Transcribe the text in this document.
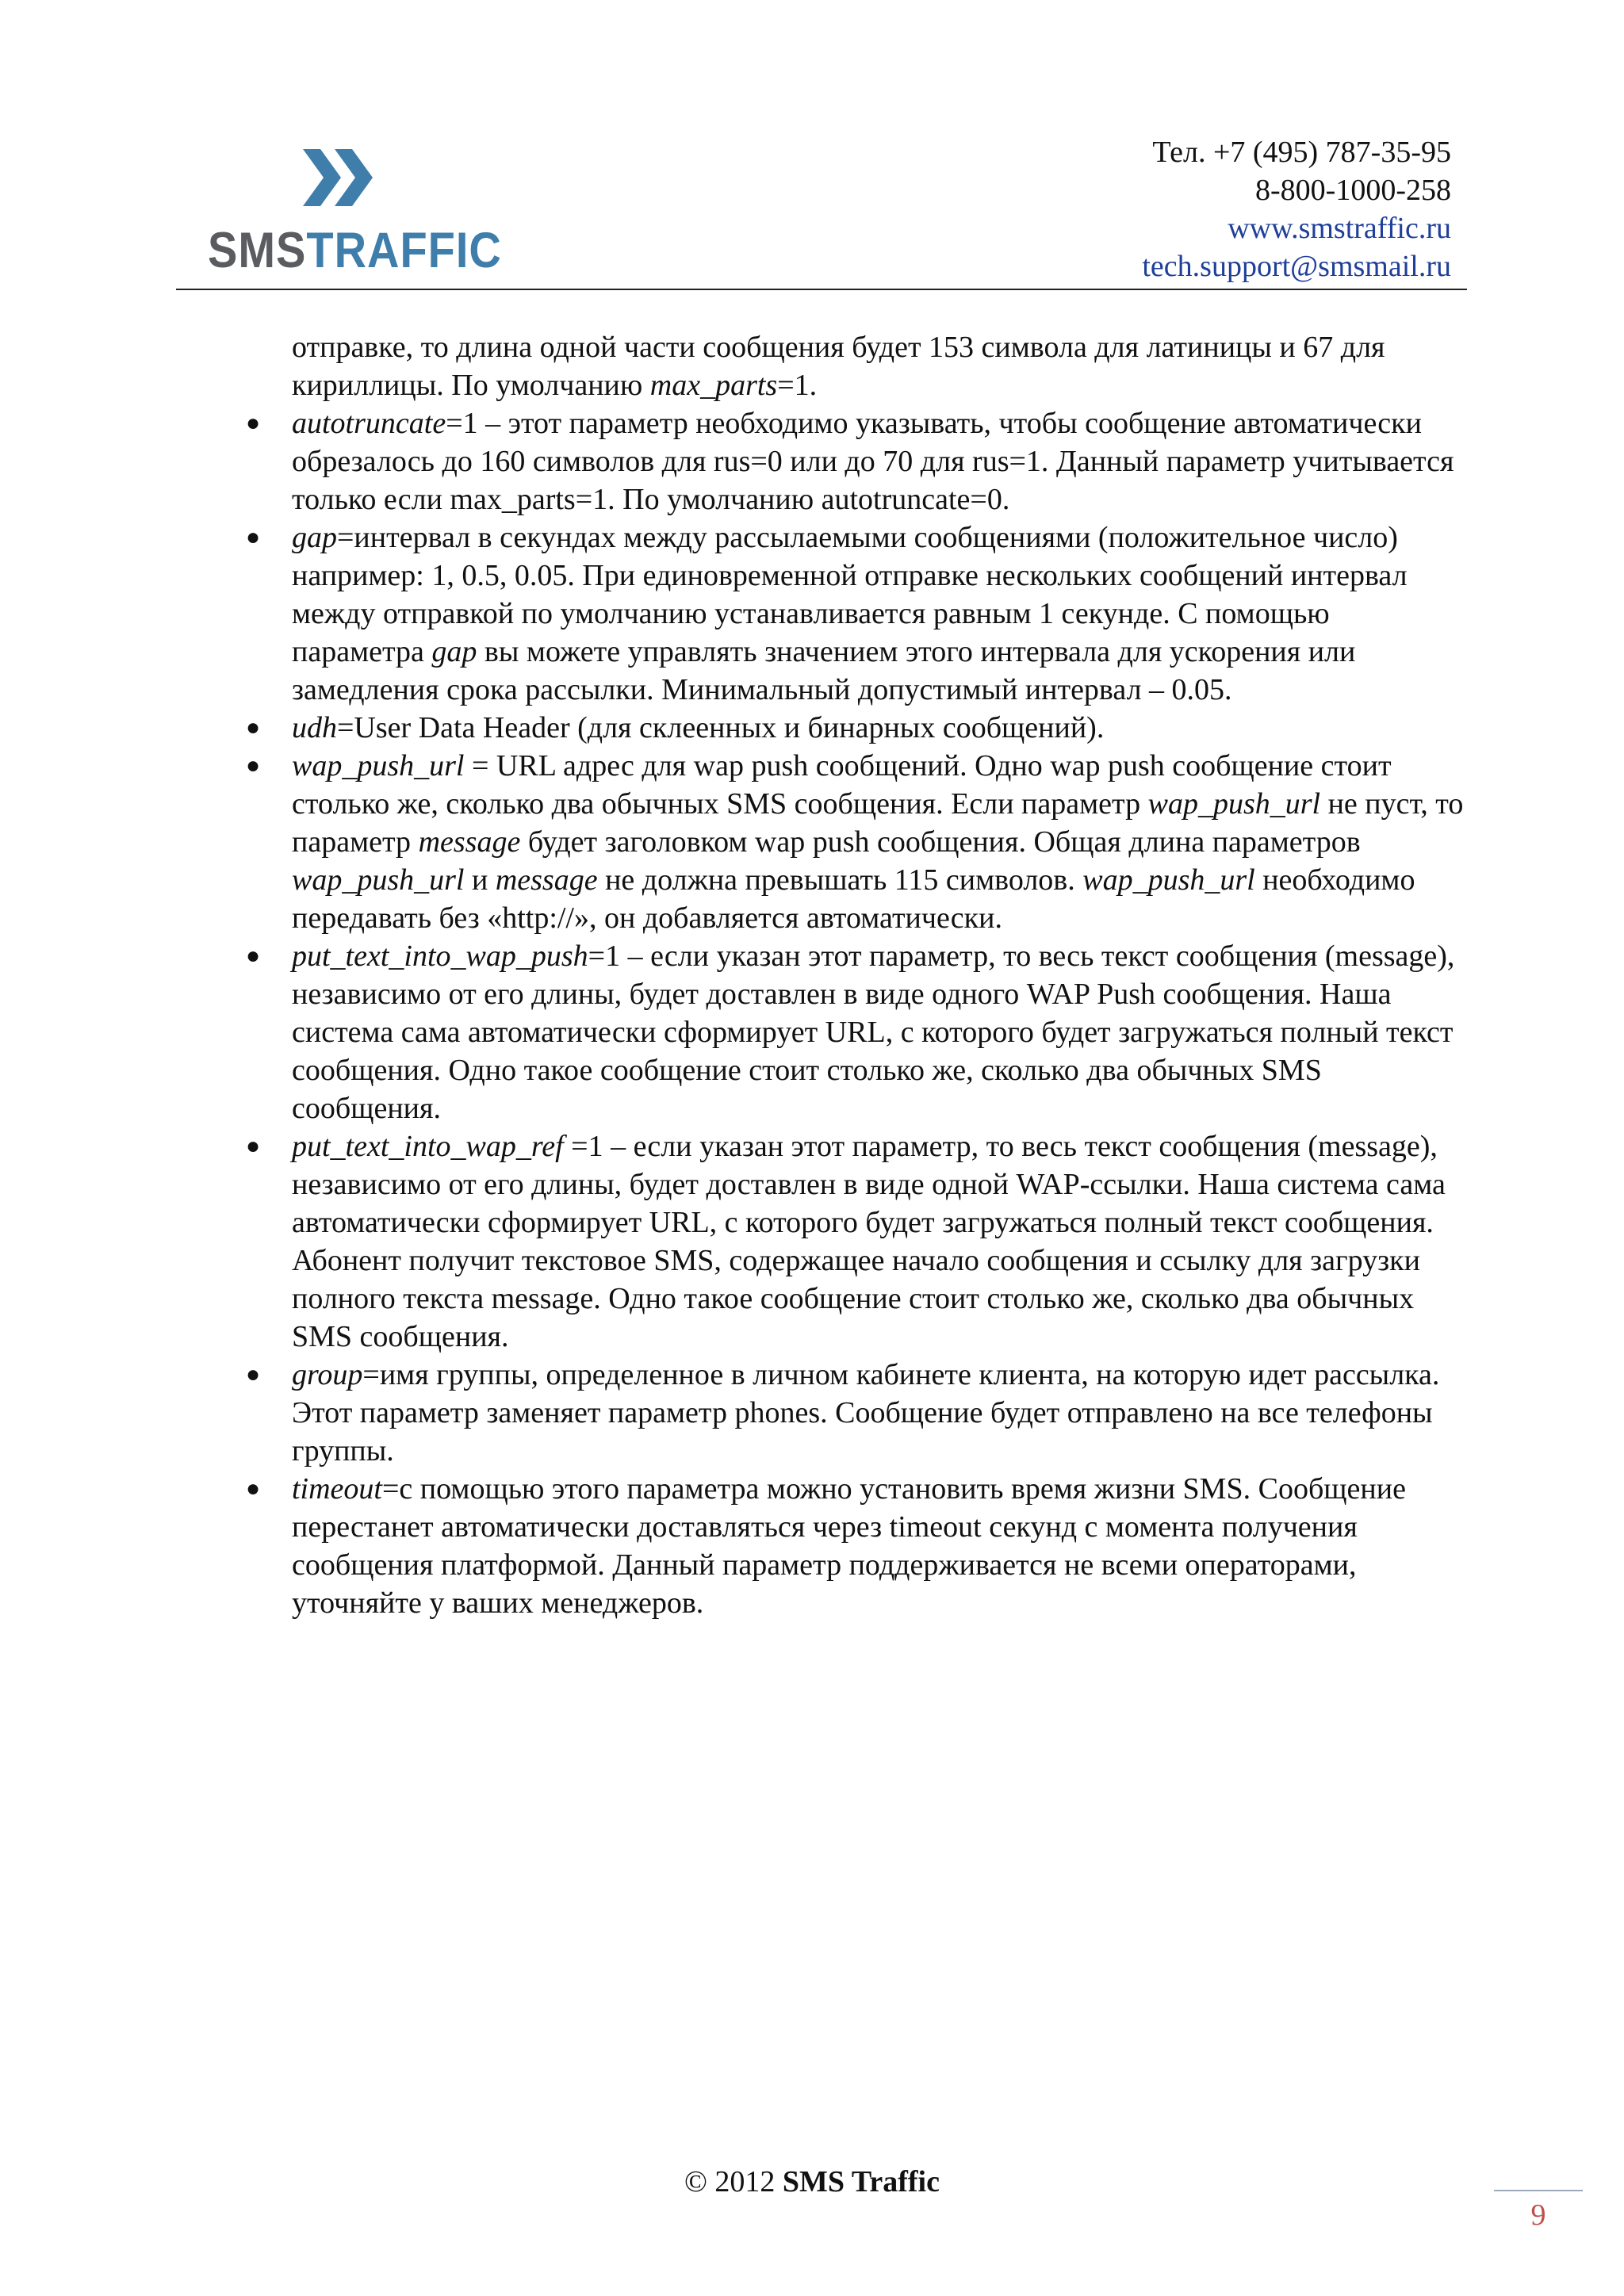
SMSTRAFFIC
Тел. +7 (495) 787-35-95
8-800-1000-258
www.smstraffic.ru
tech.support@smsmail.ru

отправке, то длина одной части сообщения будет 153 символа для латиницы и 67 для кириллицы. По умолчанию max_parts=1.

● autotruncate=1 – этот параметр необходимо указывать, чтобы сообщение автоматически обрезалось до 160 символов для rus=0 или до 70 для rus=1. Данный параметр учитывается только если max_parts=1. По умолчанию autotruncate=0.
● gap=интервал в секундах между рассылаемыми сообщениями (положительное число) например: 1, 0.5, 0.05. При единовременной отправке нескольких сообщений интервал между отправкой по умолчанию устанавливается равным 1 секунде. С помощью параметра gap вы можете управлять значением этого интервала для ускорения или замедления срока рассылки. Минимальный допустимый интервал – 0.05.
● udh=User Data Header (для склеенных и бинарных сообщений).
● wap_push_url = URL адрес для wap push сообщений. Одно wap push сообщение стоит столько же, сколько два обычных SMS сообщения. Если параметр wap_push_url не пуст, то параметр message будет заголовком wap push сообщения. Общая длина параметров wap_push_url и message не должна превышать 115 символов. wap_push_url необходимо передавать без «http://», он добавляется автоматически.
● put_text_into_wap_push=1 – если указан этот параметр, то весь текст сообщения (message), независимо от его длины, будет доставлен в виде одного WAP Push сообщения. Наша система сама автоматически сформирует URL, с которого будет загружаться полный текст сообщения. Одно такое сообщение стоит столько же, сколько два обычных SMS сообщения.
● put_text_into_wap_ref =1 – если указан этот параметр, то весь текст сообщения (message), независимо от его длины, будет доставлен в виде одной WAP-ссылки. Наша система сама автоматически сформирует URL, с которого будет загружаться полный текст сообщения. Абонент получит текстовое SMS, содержащее начало сообщения и ссылку для загрузки полного текста message. Одно такое сообщение стоит столько же, сколько два обычных SMS сообщения.
● group=имя группы, определенное в личном кабинете клиента, на которую идет рассылка. Этот параметр заменяет параметр phones. Сообщение будет отправлено на все телефоны группы.
● timeout=с помощью этого параметра можно установить время жизни SMS. Сообщение перестанет автоматически доставляться через timeout секунд с момента получения сообщения платформой. Данный параметр поддерживается не всеми операторами, уточняйте у ваших менеджеров.
© 2012 SMS Traffic
9
